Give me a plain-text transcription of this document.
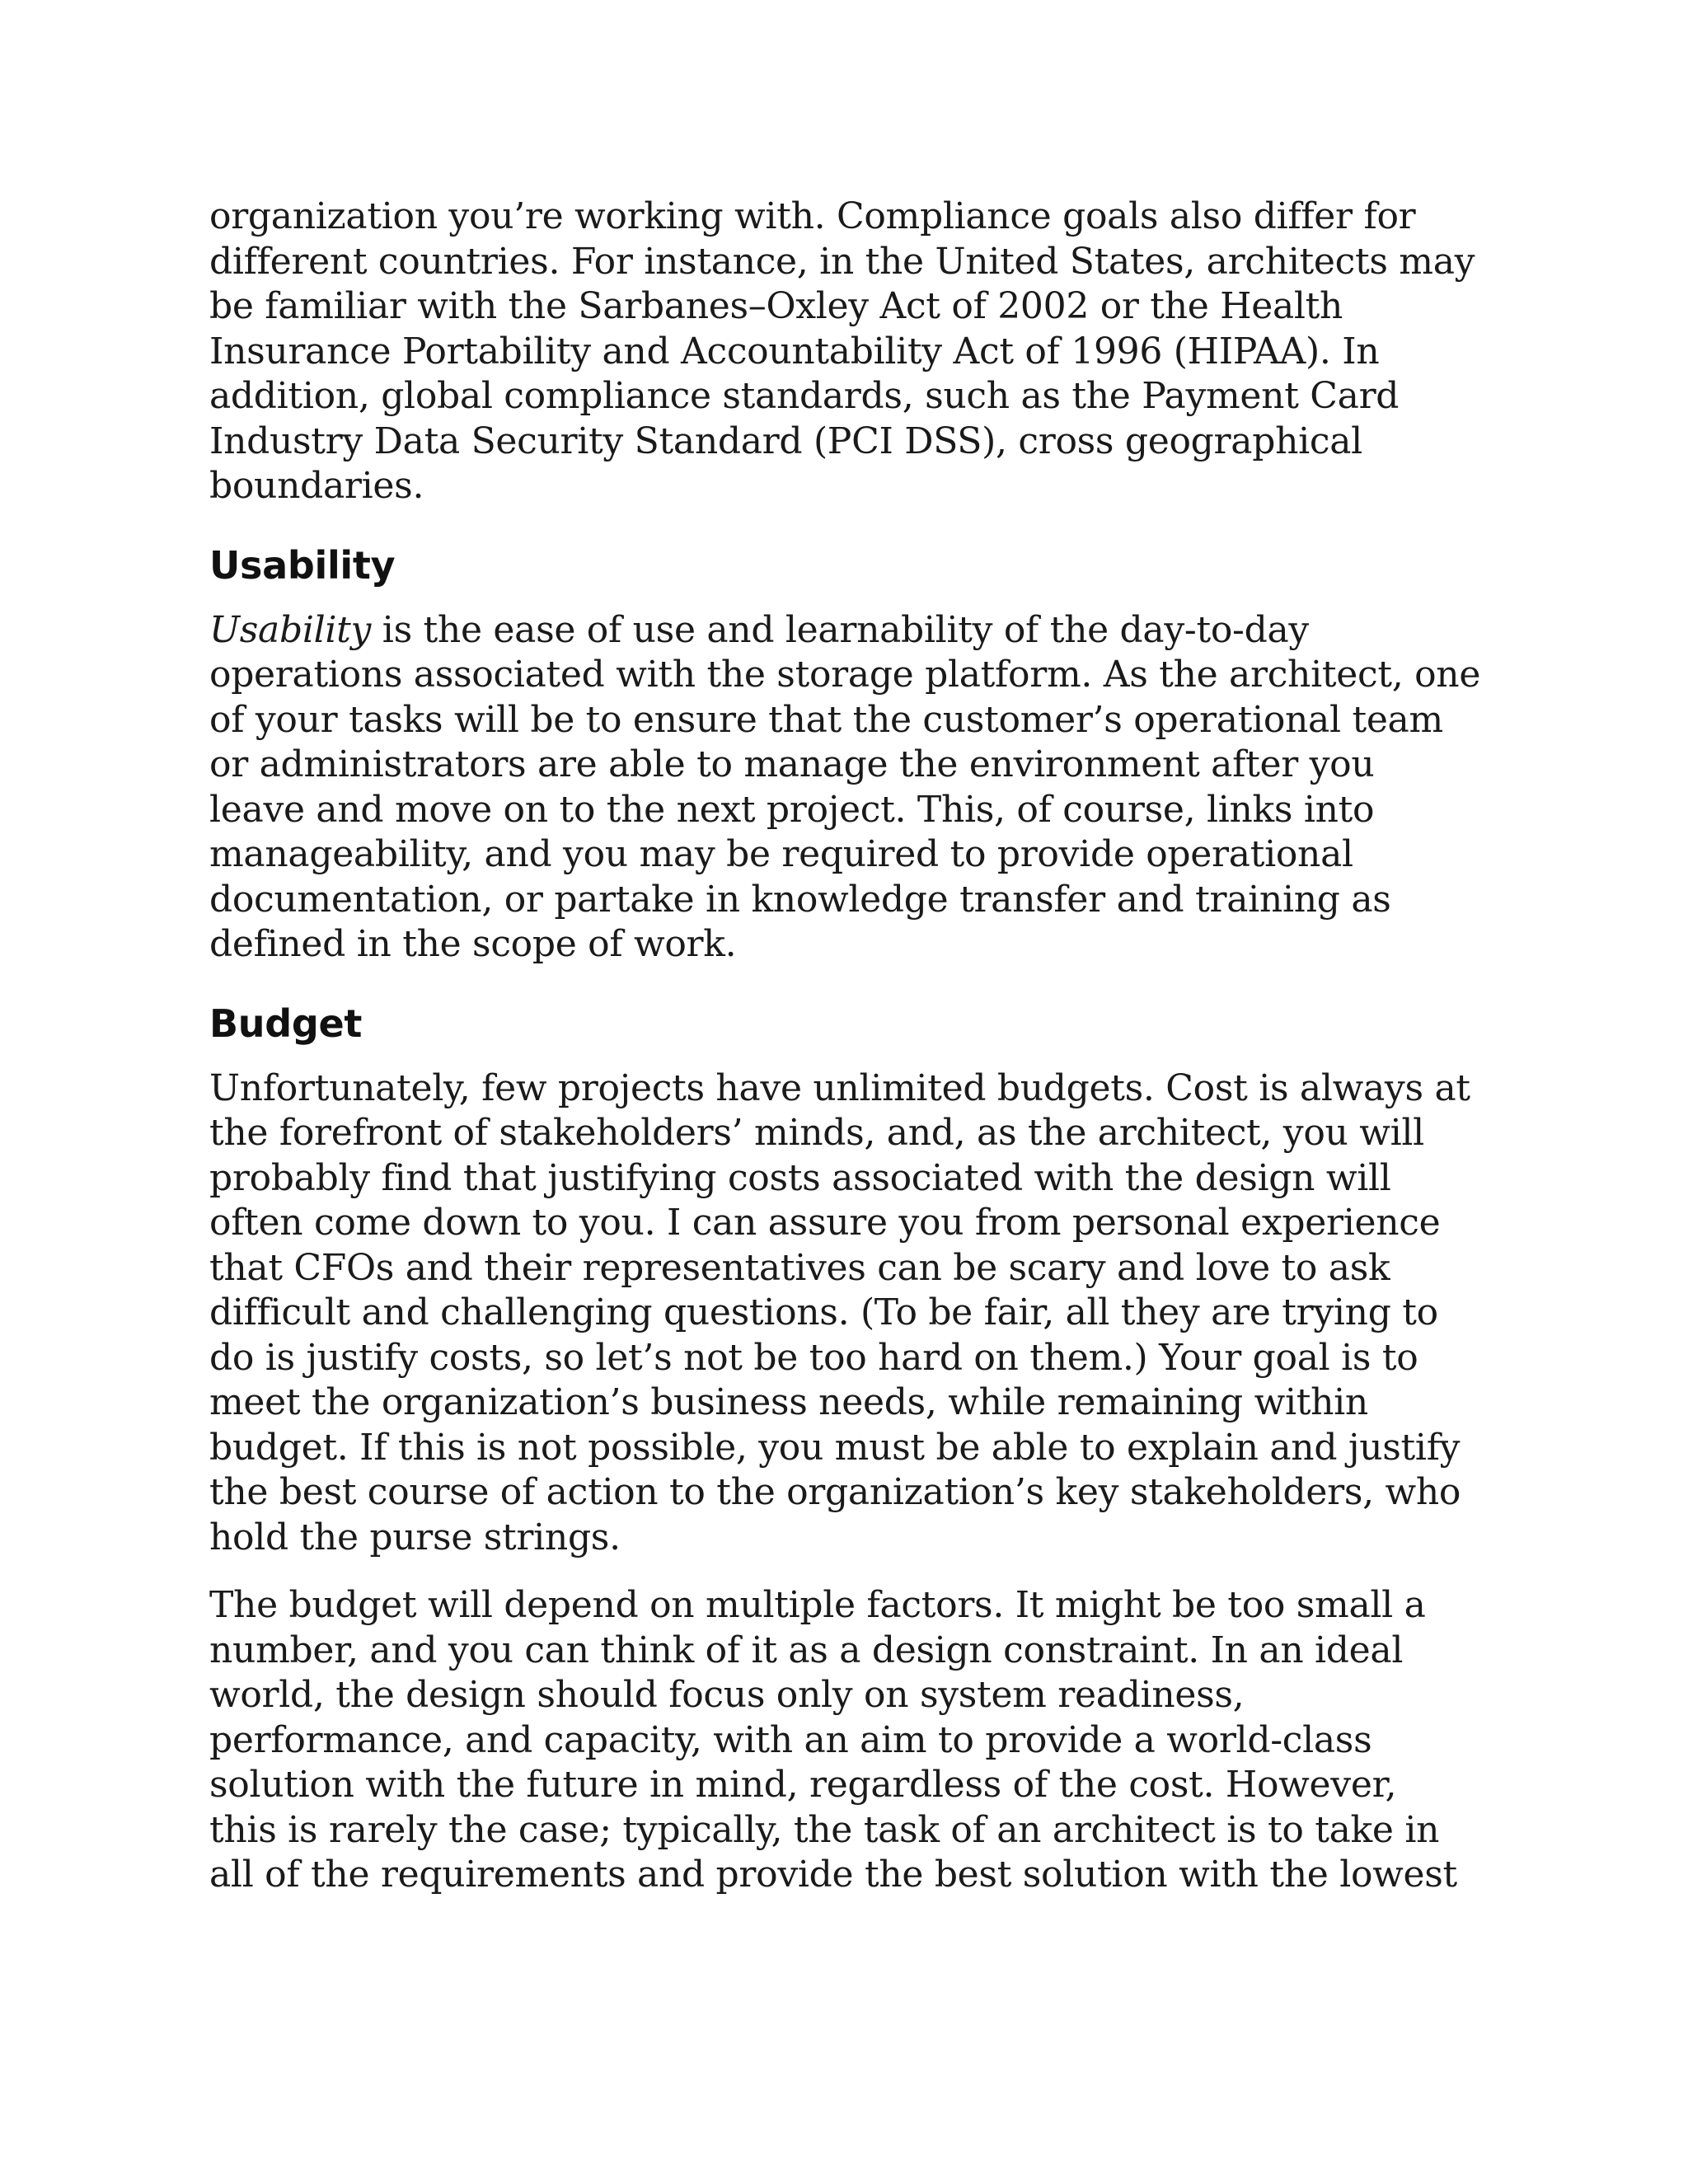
organization you’re working with. Compliance goals also differ for
different countries. For instance, in the United States, architects may
be familiar with the Sarbanes–Oxley Act of 2002 or the Health
Insurance Portability and Accountability Act of 1996 (HIPAA). In
addition, global compliance standards, such as the Payment Card
Industry Data Security Standard (PCI DSS), cross geographical
boundaries.
Usability
Usability is the ease of use and learnability of the day-to-day
operations associated with the storage platform. As the architect, one
of your tasks will be to ensure that the customer’s operational team
or administrators are able to manage the environment after you
leave and move on to the next project. This, of course, links into
manageability, and you may be required to provide operational
documentation, or partake in knowledge transfer and training as
defined in the scope of work.
Budget
Unfortunately, few projects have unlimited budgets. Cost is always at
the forefront of stakeholders’ minds, and, as the architect, you will
probably find that justifying costs associated with the design will
often come down to you. I can assure you from personal experience
that CFOs and their representatives can be scary and love to ask
difficult and challenging questions. (To be fair, all they are trying to
do is justify costs, so let’s not be too hard on them.) Your goal is to
meet the organization’s business needs, while remaining within
budget. If this is not possible, you must be able to explain and justify
the best course of action to the organization’s key stakeholders, who
hold the purse strings.
The budget will depend on multiple factors. It might be too small a
number, and you can think of it as a design constraint. In an ideal
world, the design should focus only on system readiness,
performance, and capacity, with an aim to provide a world-class
solution with the future in mind, regardless of the cost. However,
this is rarely the case; typically, the task of an architect is to take in
all of the requirements and provide the best solution with the lowest
